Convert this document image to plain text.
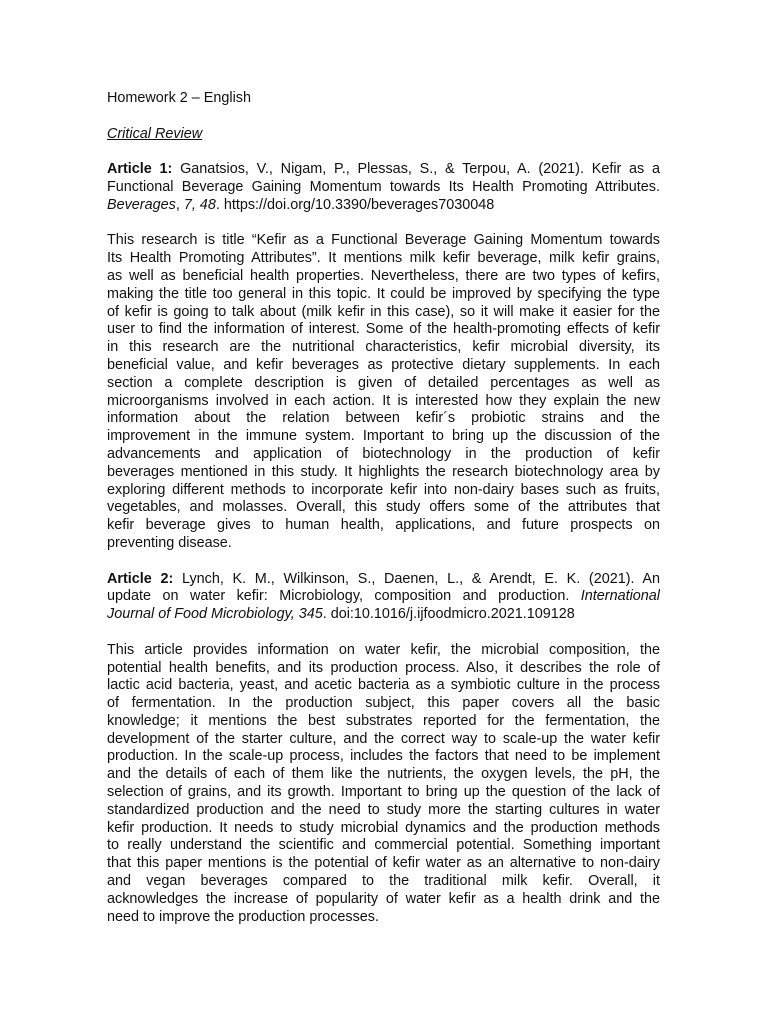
Homework 2 – English
Critical Review
Article 1: Ganatsios, V., Nigam, P., Plessas, S., & Terpou, A. (2021). Kefir as a
Functional Beverage Gaining Momentum towards Its Health Promoting Attributes.
Beverages, 7, 48. https://doi.org/10.3390/beverages7030048
This research is title “Kefir as a Functional Beverage Gaining Momentum towards
Its Health Promoting Attributes”. It mentions milk kefir beverage, milk kefir grains,
as well as beneficial health properties. Nevertheless, there are two types of kefirs,
making the title too general in this topic. It could be improved by specifying the type
of kefir is going to talk about (milk kefir in this case), so it will make it easier for the
user to find the information of interest. Some of the health-promoting effects of kefir
in this research are the nutritional characteristics, kefir microbial diversity, its
beneficial value, and kefir beverages as protective dietary supplements. In each
section a complete description is given of detailed percentages as well as
microorganisms involved in each action. It is interested how they explain the new
information about the relation between kefir´s probiotic strains and the
improvement in the immune system. Important to bring up the discussion of the
advancements and application of biotechnology in the production of kefir
beverages mentioned in this study. It highlights the research biotechnology area by
exploring different methods to incorporate kefir into non-dairy bases such as fruits,
vegetables, and molasses. Overall, this study offers some of the attributes that
kefir beverage gives to human health, applications, and future prospects on
preventing disease.
Article 2: Lynch, K. M., Wilkinson, S., Daenen, L., & Arendt, E. K. (2021). An
update on water kefir: Microbiology, composition and production. International
Journal of Food Microbiology, 345. doi:10.1016/j.ijfoodmicro.2021.109128
This article provides information on water kefir, the microbial composition, the
potential health benefits, and its production process. Also, it describes the role of
lactic acid bacteria, yeast, and acetic bacteria as a symbiotic culture in the process
of fermentation. In the production subject, this paper covers all the basic
knowledge; it mentions the best substrates reported for the fermentation, the
development of the starter culture, and the correct way to scale-up the water kefir
production. In the scale-up process, includes the factors that need to be implement
and the details of each of them like the nutrients, the oxygen levels, the pH, the
selection of grains, and its growth. Important to bring up the question of the lack of
standardized production and the need to study more the starting cultures in water
kefir production. It needs to study microbial dynamics and the production methods
to really understand the scientific and commercial potential. Something important
that this paper mentions is the potential of kefir water as an alternative to non-dairy
and vegan beverages compared to the traditional milk kefir. Overall, it
acknowledges the increase of popularity of water kefir as a health drink and the
need to improve the production processes.
